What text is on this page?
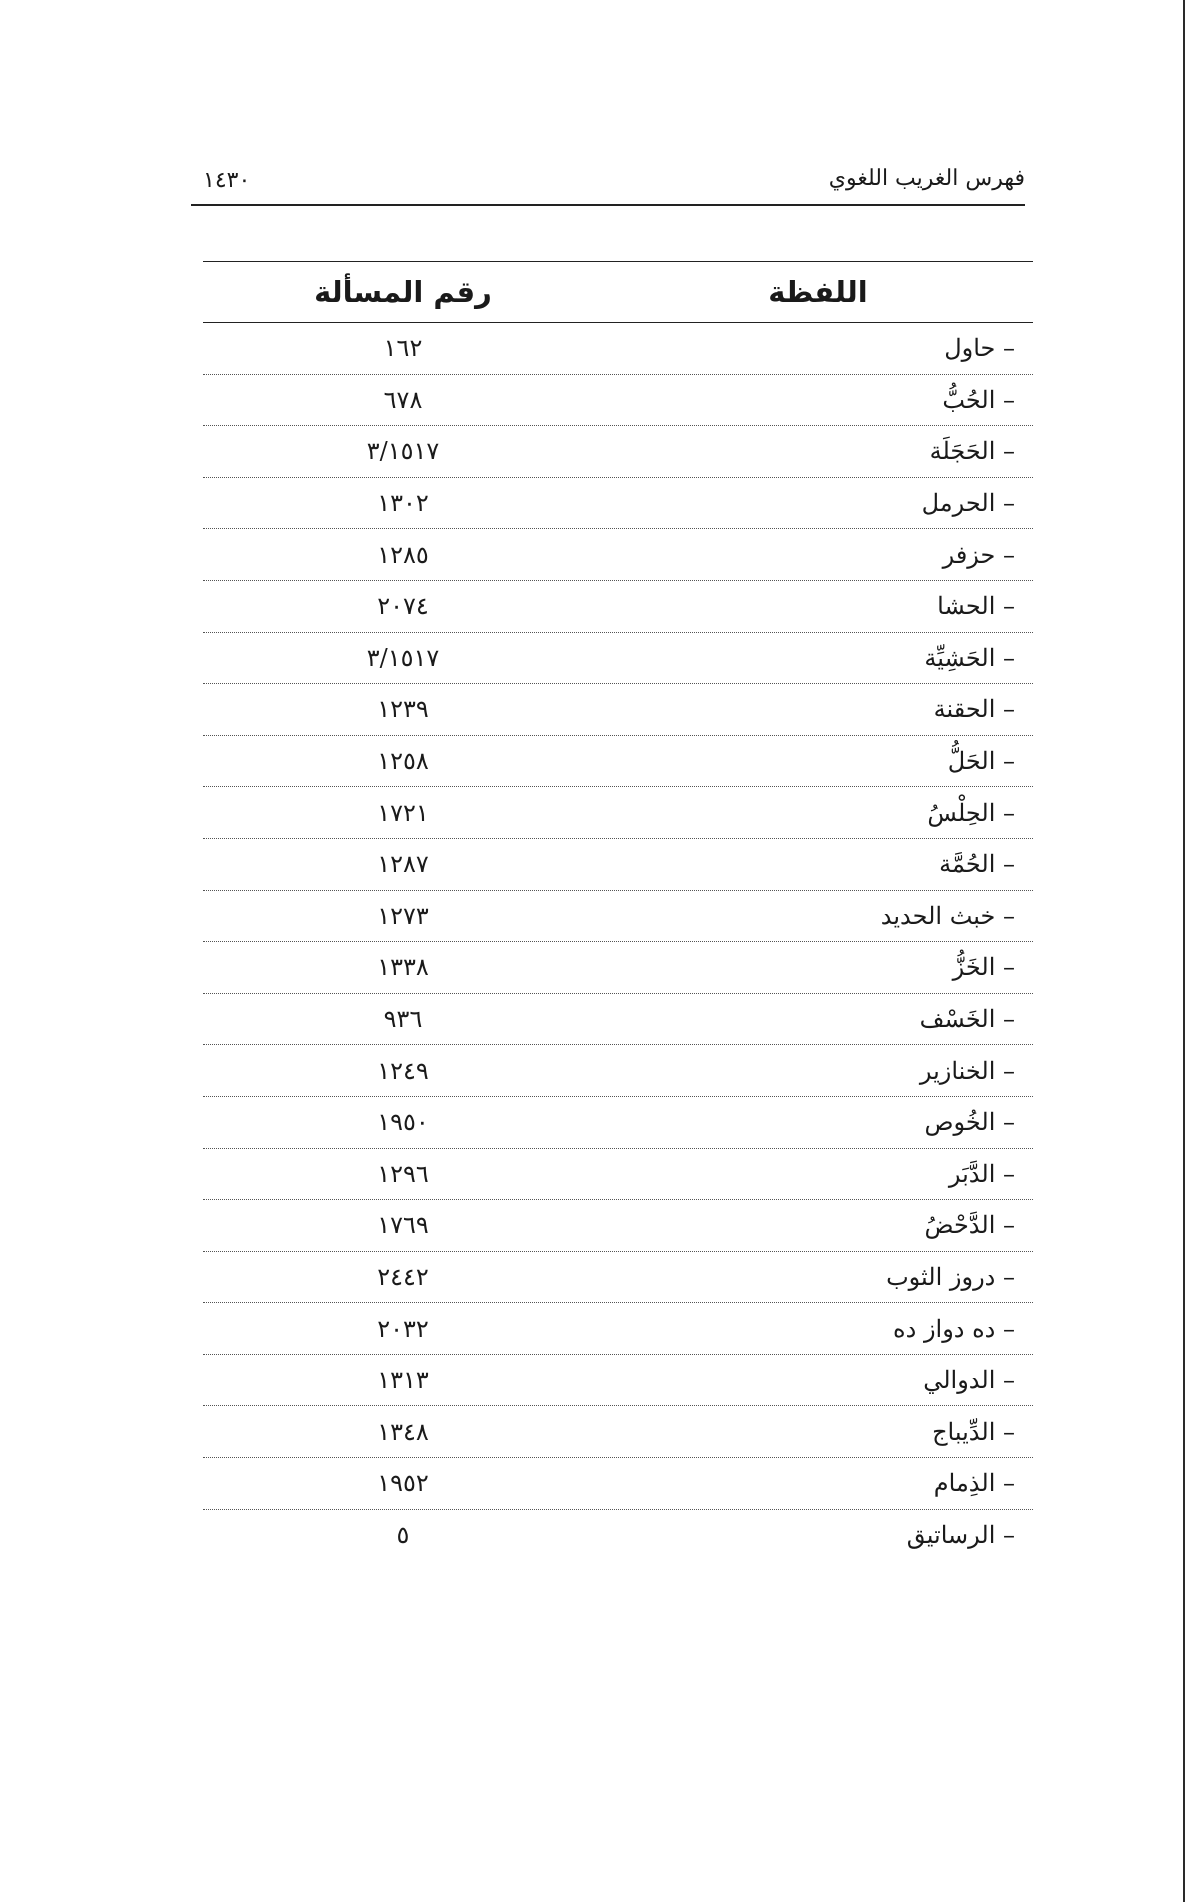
فهرس الغريب اللغوي
١٤٣٠
اللفظة
رقم المسألة
– حاول
١٦٢
– الحُبُّ
٦٧٨
– الحَجَلَة
٣/١٥١٧
– الحرمل
١٣٠٢
– حزفر
١٢٨٥
– الحشا
٢٠٧٤
– الحَشِيِّة
٣/١٥١٧
– الحقنة
١٢٣٩
– الحَلُّ
١٢٥٨
– الحِلْسُ
١٧٢١
– الحُمَّة
١٢٨٧
– خبث الحديد
١٢٧٣
– الخَزُّ
١٣٣٨
– الخَسْف
٩٣٦
– الخنازير
١٢٤٩
– الخُوص
١٩٥٠
– الدَّبَر
١٢٩٦
– الدَّحْضُ
١٧٦٩
– دروز الثوب
٢٤٤٢
– ده دواز ده
٢٠٣٢
– الدوالي
١٣١٣
– الدِّيباج
١٣٤٨
– الذِمام
١٩٥٢
– الرساتيق
٥
